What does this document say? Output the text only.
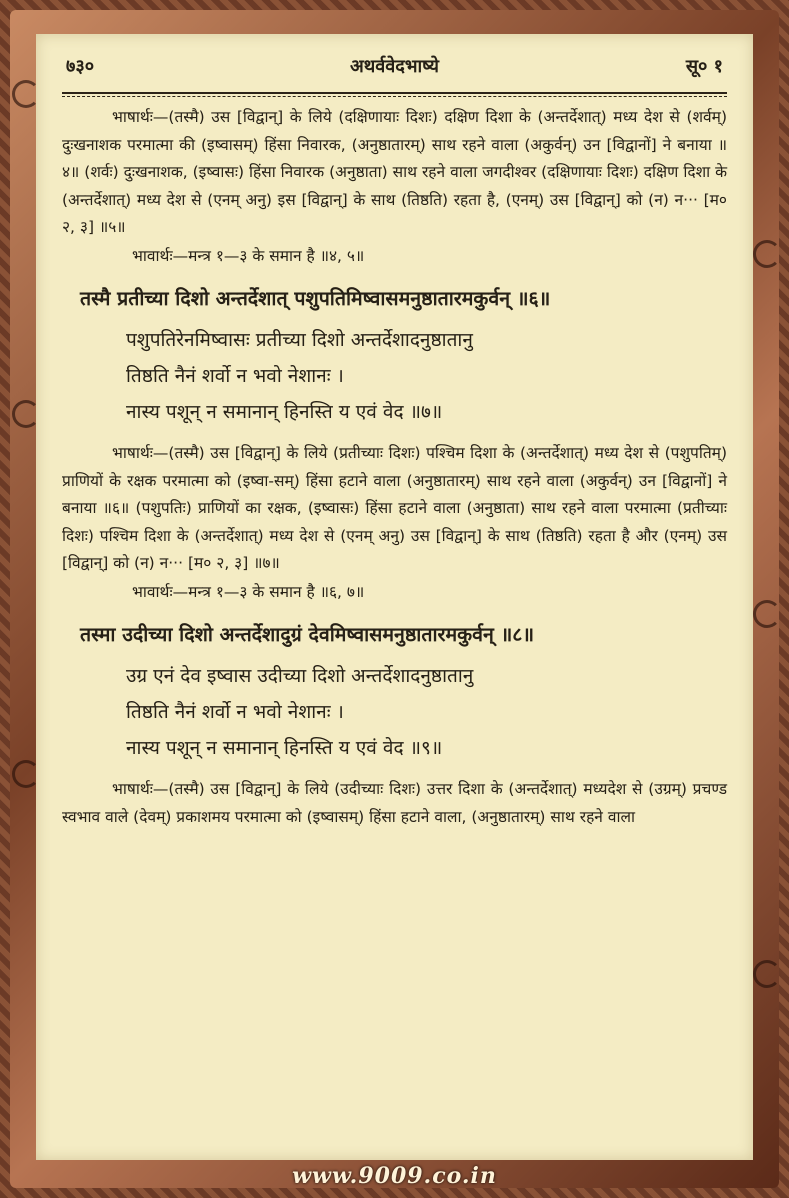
७३०	अथर्ववेदभाष्ये	सू० १

भाषार्थः—(तस्मै) उस [विद्वान्] के लिये (दक्षिणायाः दिशः) दक्षिण दिशा के (अन्तर्देशात्) मध्य देश से (शर्वम्) दुःखनाशक परमात्मा की (इष्वासम्) हिंसा निवारक, (अनुष्ठातारम्) साथ रहने वाला (अकुर्वन्) उन [विद्वानों] ने बनाया ॥४॥ (शर्वः) दुःखनाशक, (इष्वासः) हिंसा निवारक (अनुष्ठाता) साथ रहने वाला जगदीश्वर (दक्षिणायाः दिशः) दक्षिण दिशा के (अन्तर्देशात्) मध्य देश से (एनम् अनु) इस [विद्वान्] के साथ (तिष्ठति) रहता है, (एनम्) उस [विद्वान्] को (न) न··· [म० २, ३] ॥५॥

भावार्थः—मन्त्र १—३ के समान है ॥४, ५॥

तस्मै प्रतीच्या दिशो अन्तर्देशात् पशुपतिमिष्वासमनुष्ठातारमकुर्वन् ॥६॥

पशुपतिरेनमिष्वासः प्रतीच्या दिशो अन्तर्देशादनुष्ठातानु

तिष्ठति नैनं शर्वो न भवो नेशानः ।

नास्य पशून् न समानान् हिनस्ति य एवं वेद ॥७॥

भाषार्थः—(तस्मै) उस [विद्वान्] के लिये (प्रतीच्याः दिशः) पश्चिम दिशा के (अन्तर्देशात्) मध्य देश से (पशुपतिम्) प्राणियों के रक्षक परमात्मा को (इष्वा-सम्) हिंसा हटाने वाला (अनुष्ठातारम्) साथ रहने वाला (अकुर्वन्) उन [विद्वानों] ने बनाया ॥६॥ (पशुपतिः) प्राणियों का रक्षक, (इष्वासः) हिंसा हटाने वाला (अनुष्ठाता) साथ रहने वाला परमात्मा (प्रतीच्याः दिशः) पश्चिम दिशा के (अन्तर्देशात्) मध्य देश से (एनम् अनु) उस [विद्वान्] के साथ (तिष्ठति) रहता है और (एनम्) उस [विद्वान्] को (न) न··· [म० २, ३] ॥७॥

भावार्थः—मन्त्र १—३ के समान है ॥६, ७॥

तस्मा उदीच्या दिशो अन्तर्देशादुग्रं देवमिष्वासमनुष्ठातारमकुर्वन् ॥८॥

उग्र एनं देव इष्वास उदीच्या दिशो अन्तर्देशादनुष्ठातानु

तिष्ठति नैनं शर्वो न भवो नेशानः ।

नास्य पशून् न समानान् हिनस्ति य एवं वेद ॥९॥

भाषार्थः—(तस्मै) उस [विद्वान्] के लिये (उदीच्याः दिशः) उत्तर दिशा के (अन्तर्देशात्) मध्यदेश से (उग्रम्) प्रचण्ड स्वभाव वाले (देवम्) प्रकाशमय परमात्मा को (इष्वासम्) हिंसा हटाने वाला, (अनुष्ठातारम्) साथ रहने वाला

www.9009.co.in
